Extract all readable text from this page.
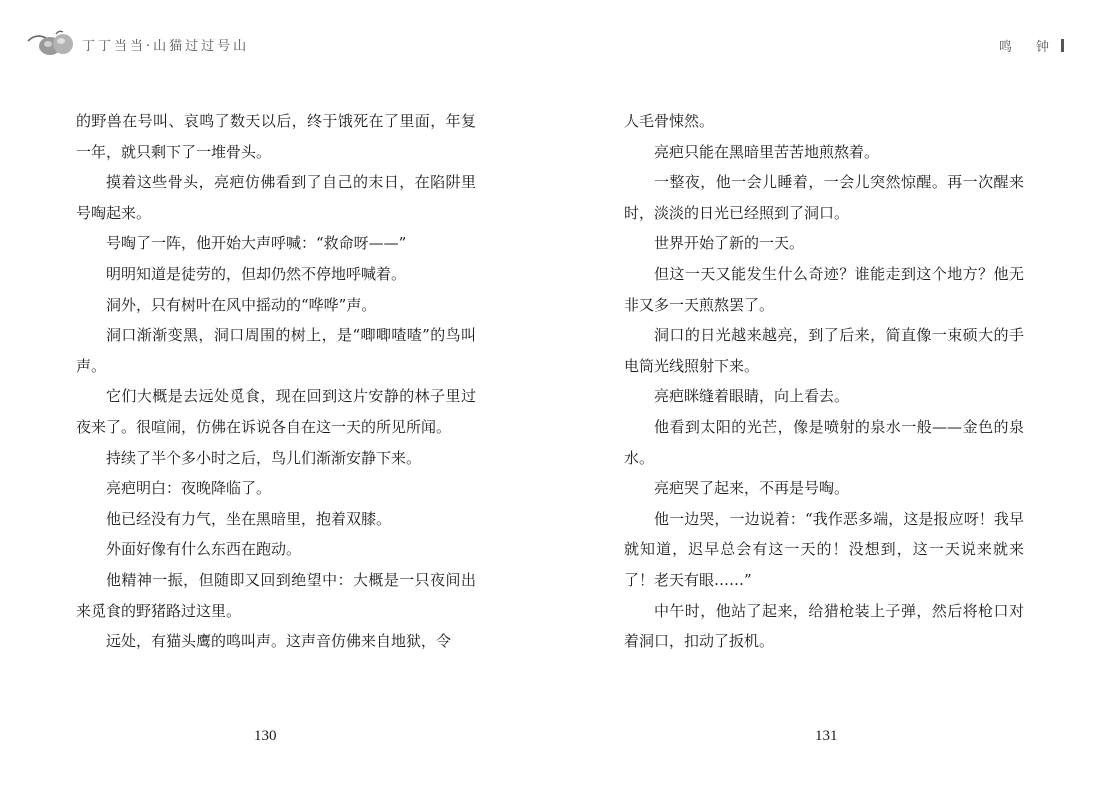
丁丁当当·山猫过过号山	鸣 钟

的野兽在号叫、哀鸣了数天以后，终于饿死在了里面，年复一年，就只剩下了一堆骨头。

摸着这些骨头，亮疤仿佛看到了自己的末日，在陷阱里号啕起来。

号啕了一阵，他开始大声呼喊：“救命呀——”

明明知道是徒劳的，但却仍然不停地呼喊着。

洞外，只有树叶在风中摇动的“哗哗”声。

洞口渐渐变黑，洞口周围的树上，是“唧唧喳喳”的鸟叫声。

它们大概是去远处觅食，现在回到这片安静的林子里过夜来了。很喧闹，仿佛在诉说各自在这一天的所见所闻。

持续了半个多小时之后，鸟儿们渐渐安静下来。

亮疤明白：夜晚降临了。

他已经没有力气，坐在黑暗里，抱着双膝。

外面好像有什么东西在跑动。

他精神一振，但随即又回到绝望中：大概是一只夜间出来觅食的野猪路过这里。

远处，有猫头鹰的鸣叫声。这声音仿佛来自地狱，令

人毛骨悚然。

亮疤只能在黑暗里苦苦地煎熬着。

一整夜，他一会儿睡着，一会儿突然惊醒。再一次醒来时，淡淡的日光已经照到了洞口。

世界开始了新的一天。

但这一天又能发生什么奇迹？谁能走到这个地方？他无非又多一天煎熬罢了。

洞口的日光越来越亮，到了后来，简直像一束硕大的手电筒光线照射下来。

亮疤眯缝着眼睛，向上看去。

他看到太阳的光芒，像是喷射的泉水一般——金色的泉水。

亮疤哭了起来，不再是号啕。

他一边哭，一边说着：“我作恶多端，这是报应呀！我早就知道，迟早总会有这一天的！没想到，这一天说来就来了！老天有眼……”

中午时，他站了起来，给猎枪装上子弹，然后将枪口对着洞口，扣动了扳机。

130	131
